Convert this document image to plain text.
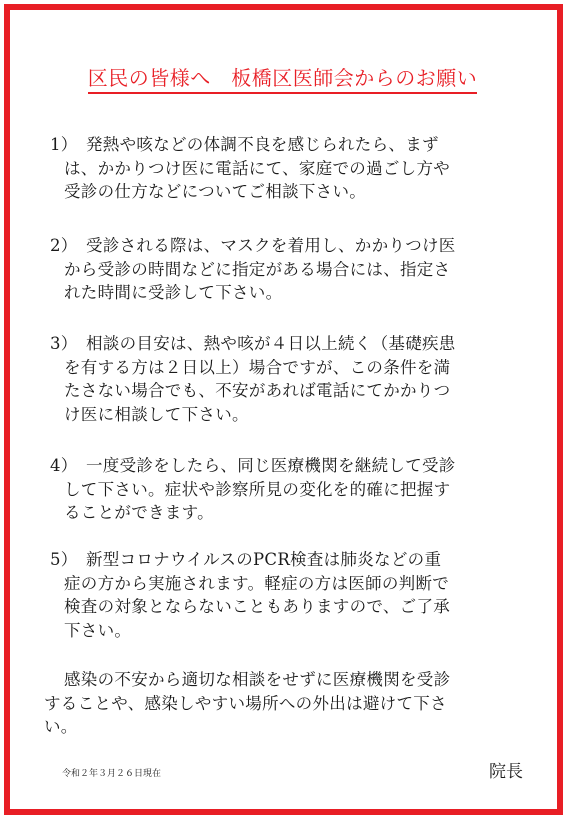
区民の皆様へ　板橋区医師会からのお願い
1） 発熱や咳などの体調不良を感じられたら、まず
は、かかりつけ医に電話にて、家庭での過ごし方や
受診の仕方などについてご相談下さい。
2） 受診される際は、マスクを着用し、かかりつけ医
から受診の時間などに指定がある場合には、指定さ
れた時間に受診して下さい。
3） 相談の目安は、熱や咳が４日以上続く（基礎疾患
を有する方は２日以上）場合ですが、この条件を満
たさない場合でも、不安があれば電話にてかかりつ
け医に相談して下さい。
4） 一度受診をしたら、同じ医療機関を継続して受診
して下さい。症状や診察所見の変化を的確に把握す
ることができます。
5） 新型コロナウイルスのPCR検査は肺炎などの重
症の方から実施されます。軽症の方は医師の判断で
検査の対象とならないこともありますので、ご了承
下さい。
感染の不安から適切な相談をせずに医療機関を受診
することや、感染しやすい場所への外出は避けて下さ
い。
令和２年３月２６日現在	院長
